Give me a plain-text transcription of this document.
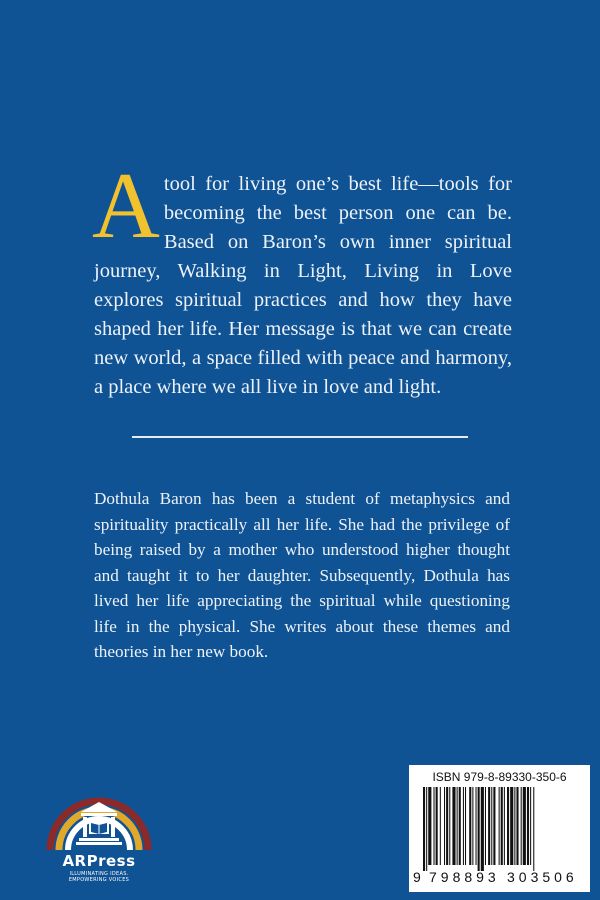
Atool for living one’s best life—tools for becoming the best person one can be. Based on Baron’s own inner spiritual journey, Walking in Light, Living in Love explores spiritual practices and how they have shaped her life. Her message is that we can create new world, a space filled with peace and harmony, a place where we all live in love and light.
Dothula Baron has been a student of metaphysics and spirituality practically all her life. She had the privilege of being raised by a mother who understood higher thought and taught it to her daughter. Subsequently, Dothula has lived her life appreciating the spiritual while questioning life in the physical. She writes about these themes and theories in her new book.
ARPress
ILLUMINATING IDEAS.
EMPOWERING VOICES
ISBN 979-8-89330-350-6
9 798893 303506
